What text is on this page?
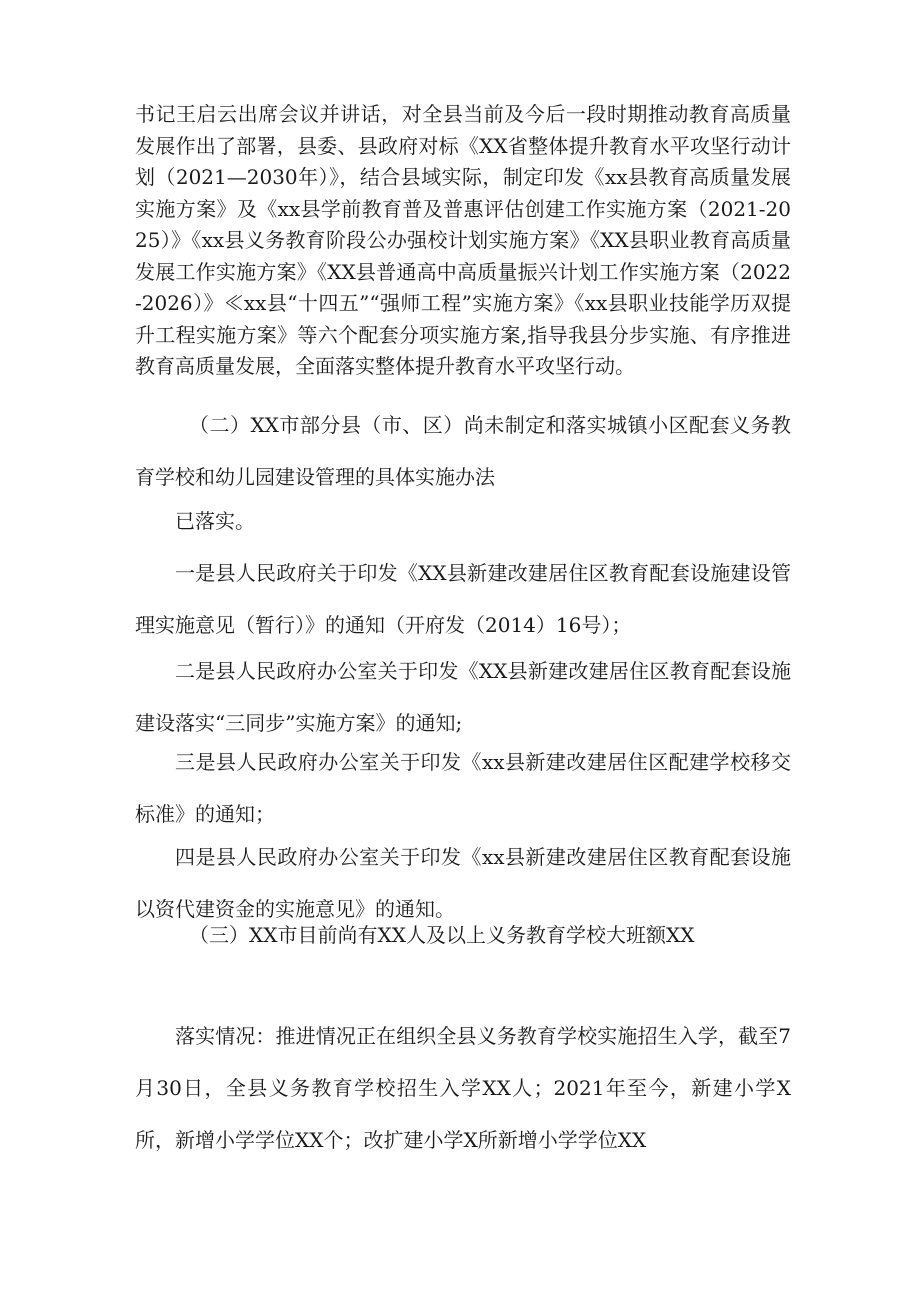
书记王启云出席会议并讲话，对全县当前及今后一段时期推动教育高质量发展作出了部署，县委、县政府对标《XX省整体提升教育水平攻坚行动计划（2021—2030年）》，结合县域实际，制定印发《xx县教育高质量发展实施方案》及《xx县学前教育普及普惠评估创建工作实施方案（2021-2025）》《xx县义务教育阶段公办强校计划实施方案》《XX县职业教育高质量发展工作实施方案》《XX县普通高中高质量振兴计划工作实施方案（2022-2026）》≪xx县“十四五”“强师工程”实施方案》《xx县职业技能学历双提升工程实施方案》等六个配套分项实施方案,指导我县分步实施、有序推进教育高质量发展，全面落实整体提升教育水平攻坚行动。

（二）XX市部分县（市、区）尚未制定和落实城镇小区配套义务教育学校和幼儿园建设管理的具体实施办法

已落实。

一是县人民政府关于印发《XX县新建改建居住区教育配套设施建设管理实施意见（暂行）》的通知（开府发（2014）16号）；

二是县人民政府办公室关于印发《XX县新建改建居住区教育配套设施建设落实“三同步”实施方案》的通知;

三是县人民政府办公室关于印发《xx县新建改建居住区配建学校移交标准》的通知；

四是县人民政府办公室关于印发《xx县新建改建居住区教育配套设施以资代建资金的实施意见》的通知。

（三）XX市目前尚有XX人及以上义务教育学校大班额XX

落实情况：推进情况正在组织全县义务教育学校实施招生入学，截至7月30日，全县义务教育学校招生入学XX人；2021年至今，新建小学X所，新增小学学位XX个；改扩建小学X所新增小学学位XX
